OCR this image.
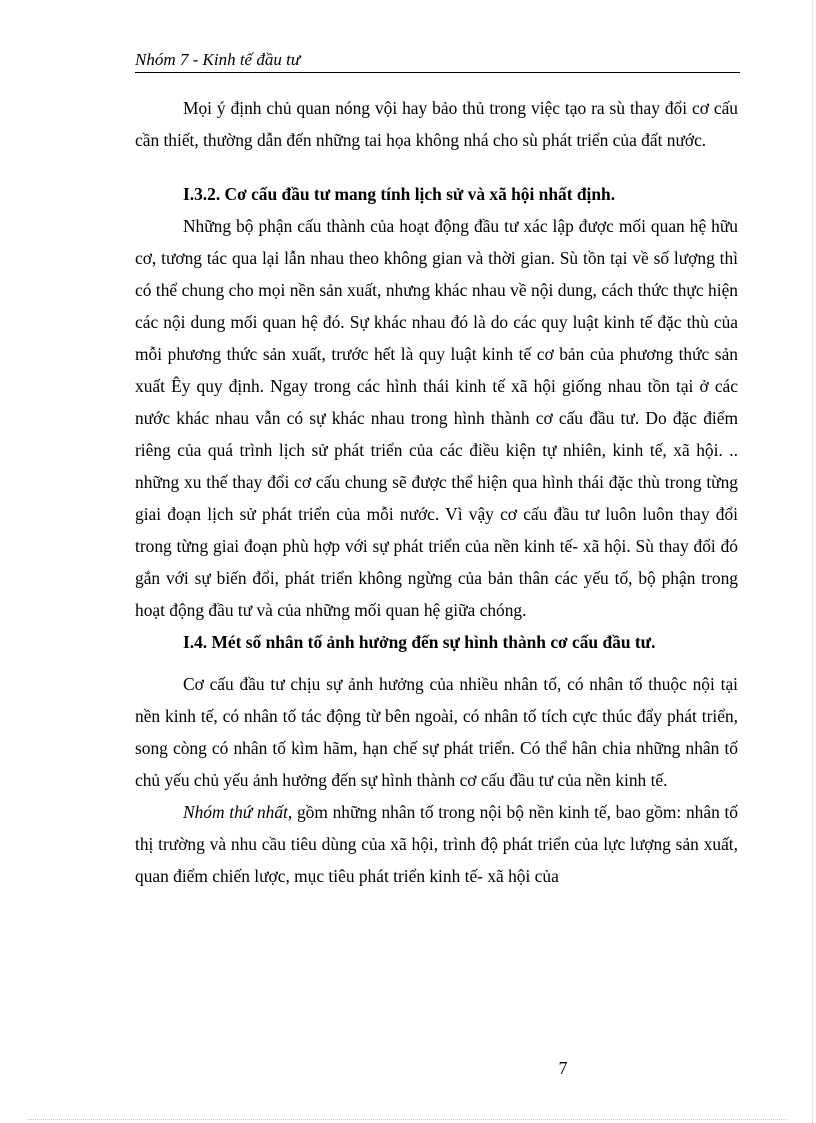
Nhóm 7 - Kinh tế đầu tư

Mọi ý định chủ quan nóng vội hay bảo thủ trong việc tạo ra sù thay đổi cơ cấu cần thiết, thường dẫn đến những tai họa không nhá cho sù phát triển của đất nước.

I.3.2. Cơ cấu đầu tư mang tính lịch sử và xã hội nhất định.

Những bộ phận cấu thành của hoạt động đầu tư xác lập được mối quan hệ hữu cơ, tương tác qua lại lẫn nhau theo không gian và thời gian. Sù tồn tại về số lượng thì có thể chung cho mọi nền sản xuất, nhưng khác nhau về nội dung, cách thức thực hiện các nội dung mối quan hệ đó. Sự khác nhau đó là do các quy luật kinh tế đặc thù của mỗi phương thức sản xuất, trước hết là quy luật kinh tế cơ bản của phương thức sản xuất Êy quy định. Ngay trong các hình thái kinh tế xã hội giống nhau tồn tại ở các nước khác nhau vẫn có sự khác nhau trong hình thành cơ cấu đầu tư. Do đặc điểm riêng của quá trình lịch sử phát triển của các điều kiện tự nhiên, kinh tế, xã hội. .. những xu thế thay đổi cơ cấu chung sẽ được thể hiện qua hình thái đặc thù trong từng giai đoạn lịch sử phát triển của mỗi nước. Vì vậy cơ cấu đầu tư luôn luôn thay đổi trong từng giai đoạn phù hợp với sự phát triển của nền kinh tế- xã hội. Sù thay đổi đó gắn với sự biến đổi, phát triển không ngừng của bản thân các yếu tố, bộ phận trong hoạt động đầu tư và của những mối quan hệ giữa chóng.

I.4. Mét số nhân tố ảnh hưởng đến sự hình thành cơ cấu đầu tư.

Cơ cấu đầu tư chịu sự ảnh hưởng của nhiều nhân tố, có nhân tố thuộc nội tại nền kinh tế, có nhân tố tác động từ bên ngoài, có nhân tố tích cực thúc đẩy phát triển, song còng có nhân tố kìm hãm, hạn chế sự phát triển. Có thể hân chia những nhân tố chủ yếu chủ yếu ảnh hưởng đến sự hình thành cơ cấu đầu tư của nền kinh tế.

Nhóm thứ nhất, gồm những nhân tố trong nội bộ nền kinh tế, bao gồm: nhân tố thị trường và nhu cầu tiêu dùng của xã hội, trình độ phát triển của lực lượng sản xuất, quan điểm chiến lược, mục tiêu phát triển kinh tế- xã hội của

7
